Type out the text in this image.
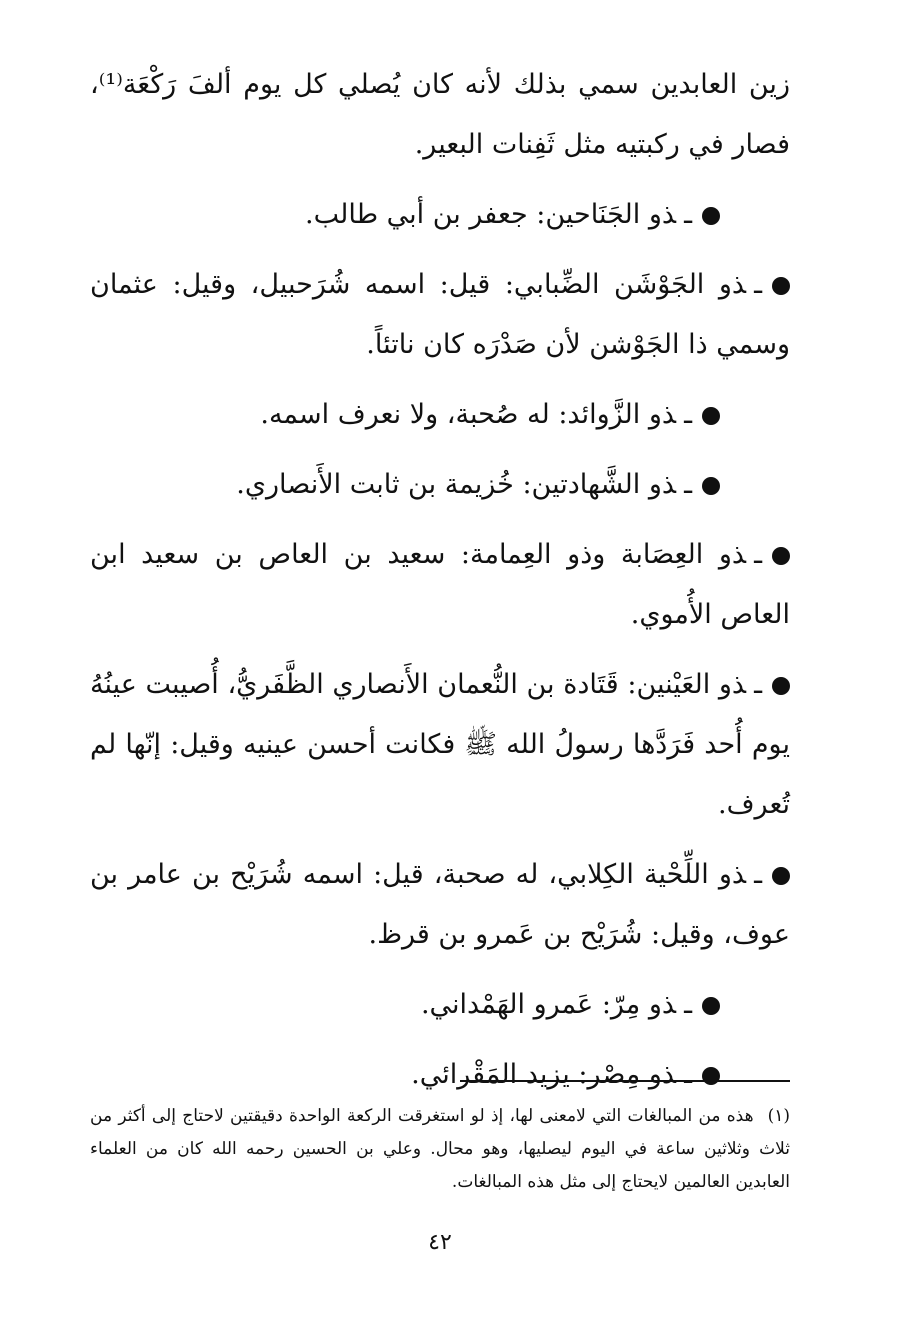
زين العابدين سمي بذلك لأنه كان يُصلي كل يوم ألفَ رَكْعَة⁽¹⁾، فصار في ركبتيه مثل ثَفِنات البعير.

ـذو الجَنَاحين: جعفر بن أبي طالب.

ـذو الجَوْشَن الضِّبابي: قيل: اسمه شُرَحبيل، وقيل: عثمان وسمي ذا الجَوْشن لأن صَدْرَه كان ناتئاً.

ـذو الزَّوائد: له صُحبة، ولا نعرف اسمه.

ـذو الشَّهادتين: خُزيمة بن ثابت الأَنصاري.

ـذو العِصَابة وذو العِمامة: سعيد بن العاص بن سعيد ابن العاص الأُموي.

ـذو العَيْنين: قَتَادة بن النُّعمان الأَنصاري الظَّفَريُّ، أُصيبت عينُهُ يوم أُحد فَرَدَّها رسولُ الله ﷺ فكانت أحسن عينيه وقيل: إنّها لم تُعرف.

ـذو اللِّحْية الكِلابي، له صحبة، قيل: اسمه شُرَيْح بن عامر بن عوف، وقيل: شُرَيْح بن عَمرو بن قرظ.

ـذو مِرّ: عَمرو الهَمْداني.

ـذو مِصْر: يزيد المَقْرائي.

(١)هذه من المبالغات التي لامعنى لها، إذ لو استغرقت الركعة الواحدة دقيقتين لاحتاج إلى أكثر من ثلاث وثلاثين ساعة في اليوم ليصليها، وهو محال. وعلي بن الحسين رحمه الله كان من العلماء العابدين العالمين لايحتاج إلى مثل هذه المبالغات.
٤٢
